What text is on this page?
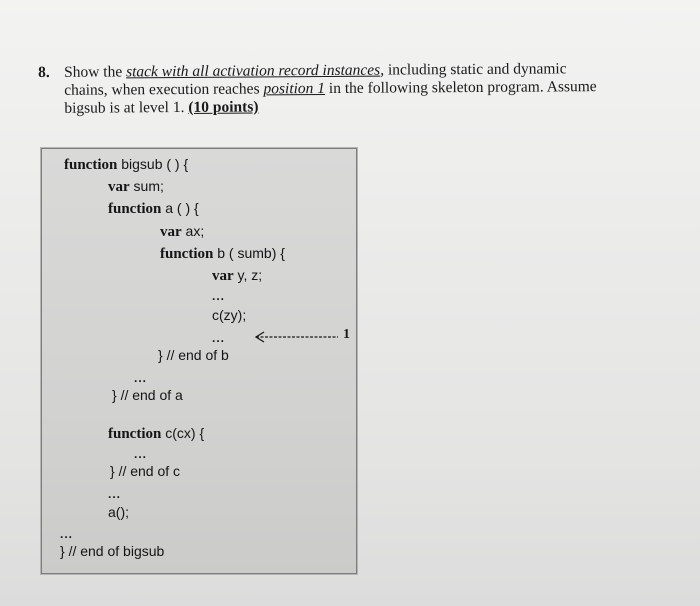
8. Show the stack with all activation record instances, including static and dynamic
chains, when execution reaches position 1 in the following skeleton program. Assume
bigsub is at level 1. (10 points)
function bigsub ( ) {
var sum;
function a ( ) {
var ax;
function b ( sumb) {
var y, z;
...
c(zy);
...
} // end of b
...
} // end of a
function c(cx) {
...
} // end of c
...
a();
...
} // end of bigsub
1
